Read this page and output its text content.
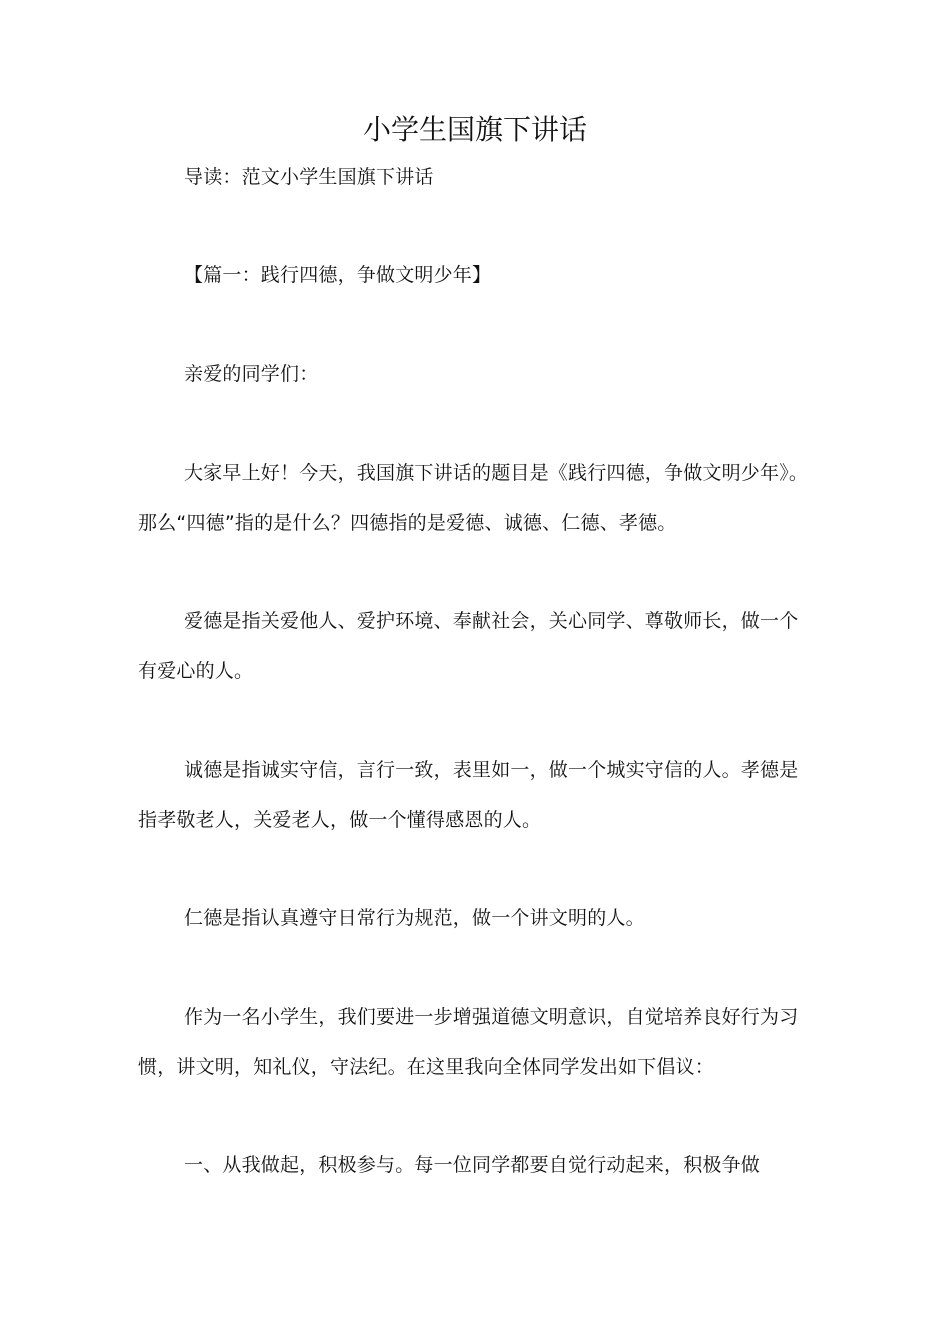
小学生国旗下讲话

导读：范文小学生国旗下讲话

【篇一：践行四德，争做文明少年】

亲爱的同学们：

大家早上好！今天，我国旗下讲话的题目是《践行四德，争做文明少年》。那么“四德”指的是什么？四德指的是爱德、诚德、仁德、孝德。

爱德是指关爱他人、爱护环境、奉献社会，关心同学、尊敬师长，做一个有爱心的人。

诚德是指诚实守信，言行一致，表里如一，做一个城实守信的人。孝德是指孝敬老人，关爱老人，做一个懂得感恩的人。

仁德是指认真遵守日常行为规范，做一个讲文明的人。

作为一名小学生，我们要进一步增强道德文明意识，自觉培养良好行为习惯，讲文明，知礼仪，守法纪。在这里我向全体同学发出如下倡议：

一、从我做起，积极参与。每一位同学都要自觉行动起来，积极争做
